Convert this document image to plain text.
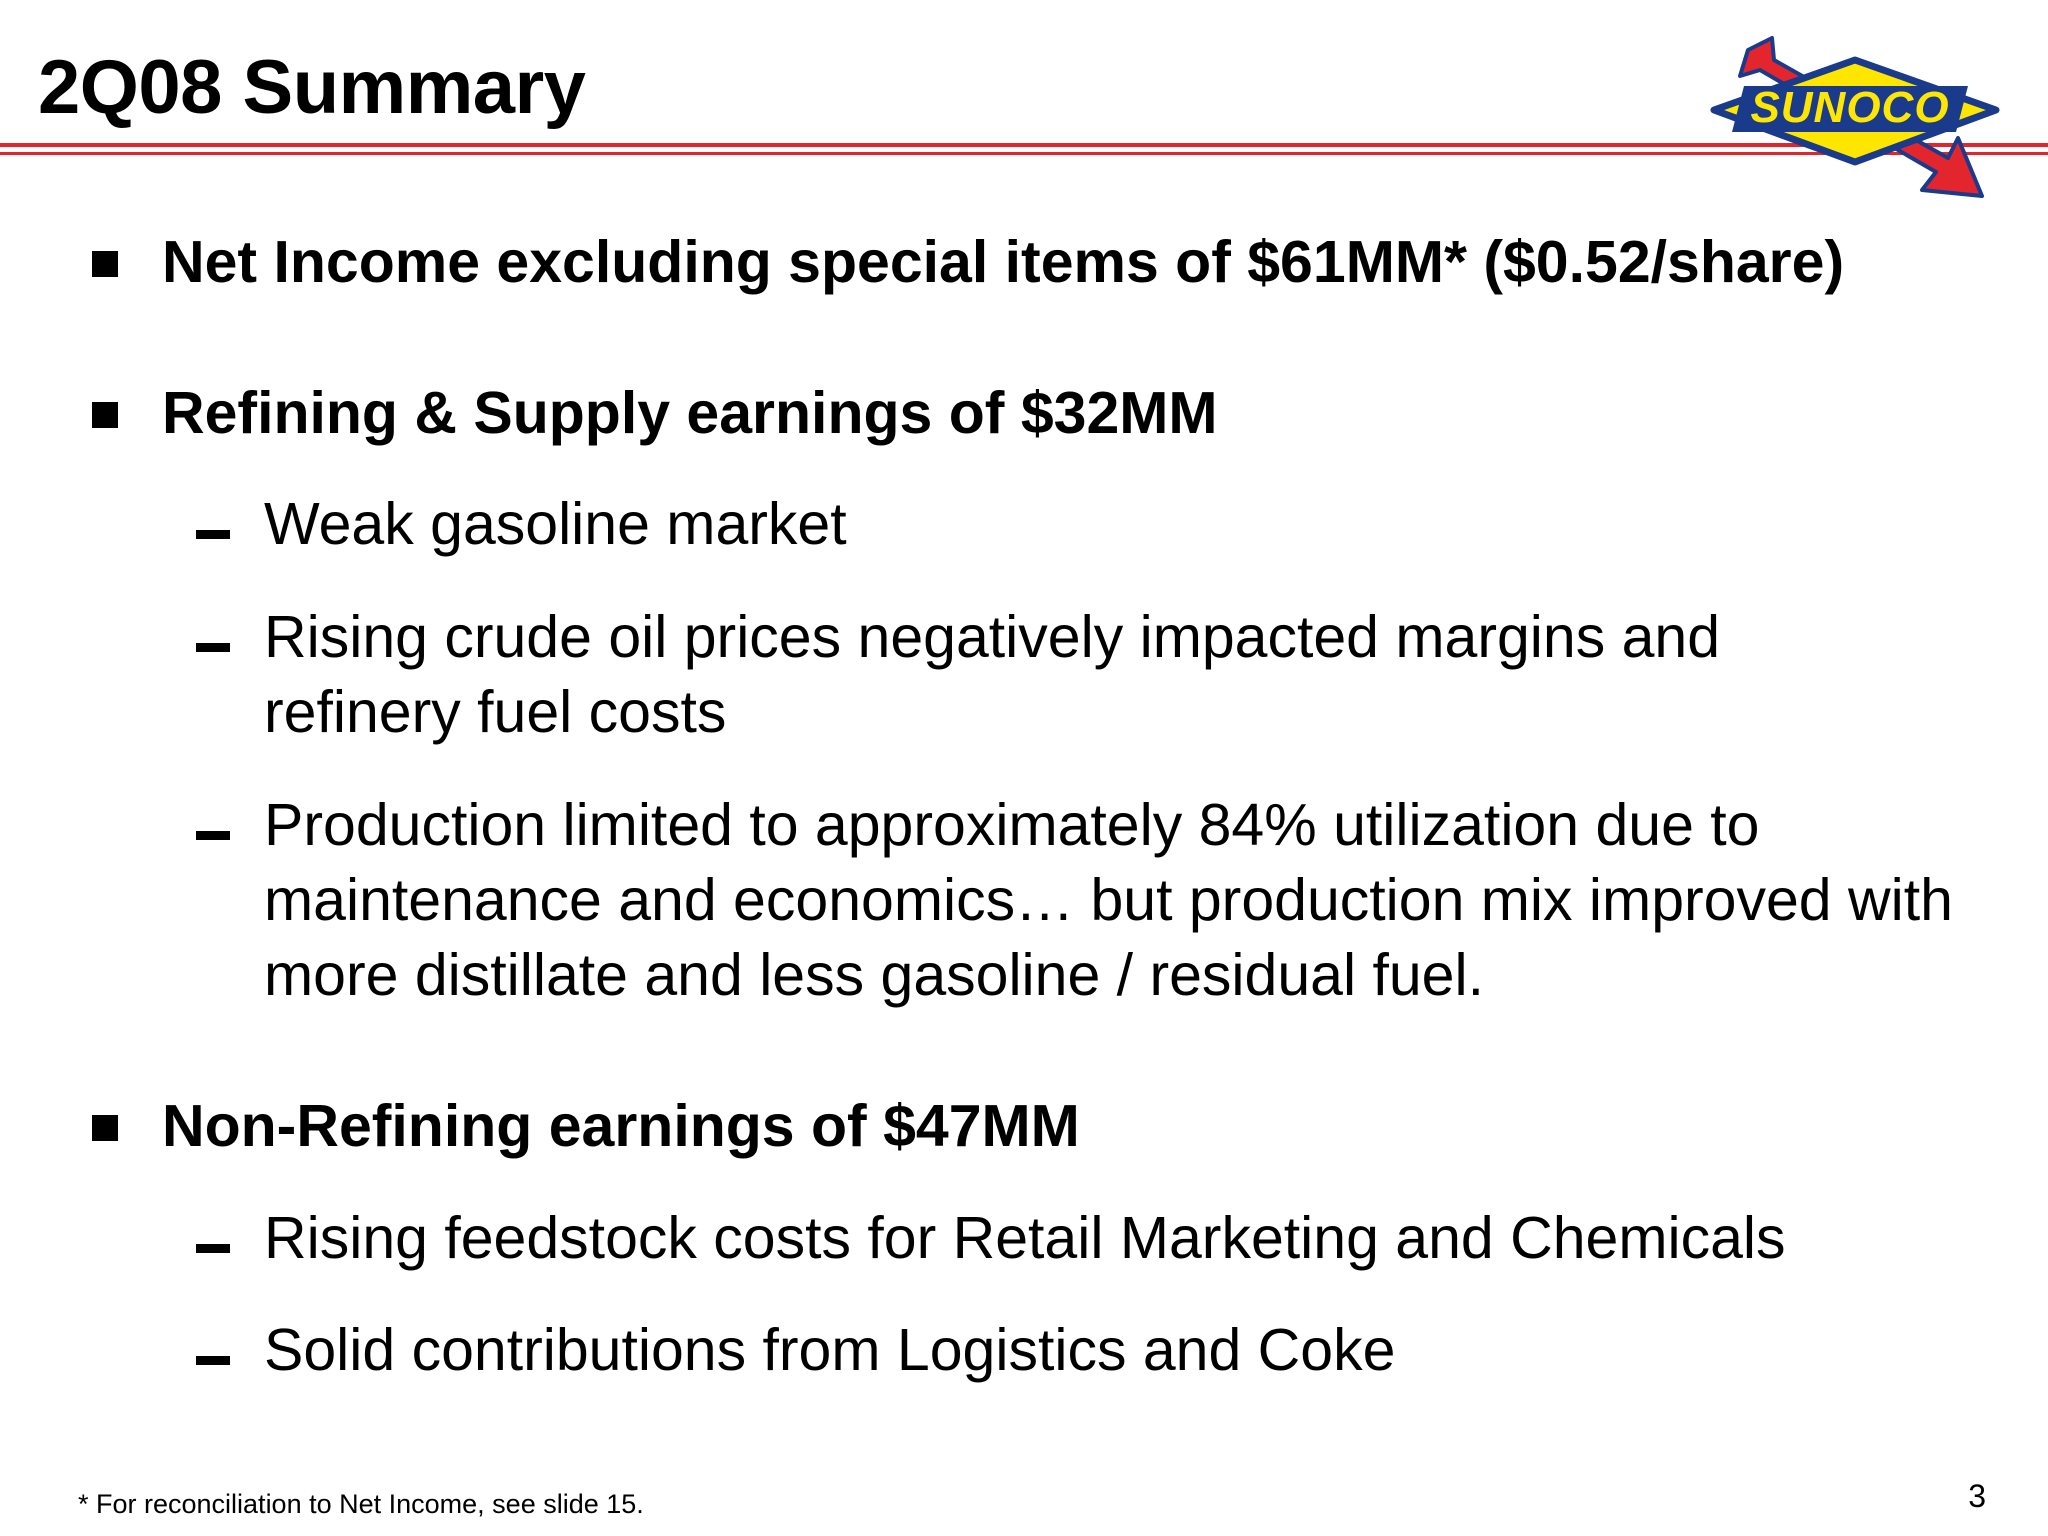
2Q08 Summary	SUNOCO
Net Income excluding special items of $61MM* ($0.52/share)
Refining & Supply earnings of $32MM
Weak gasoline market
Rising crude oil prices negatively impacted margins and refinery fuel costs
Production limited to approximately 84% utilization due to maintenance and economics… but production mix improved with more distillate and less gasoline / residual fuel.
Non-Refining earnings of $47MM
Rising feedstock costs for Retail Marketing and Chemicals
Solid contributions from Logistics and Coke
* For reconciliation to Net Income, see slide 15.	3
